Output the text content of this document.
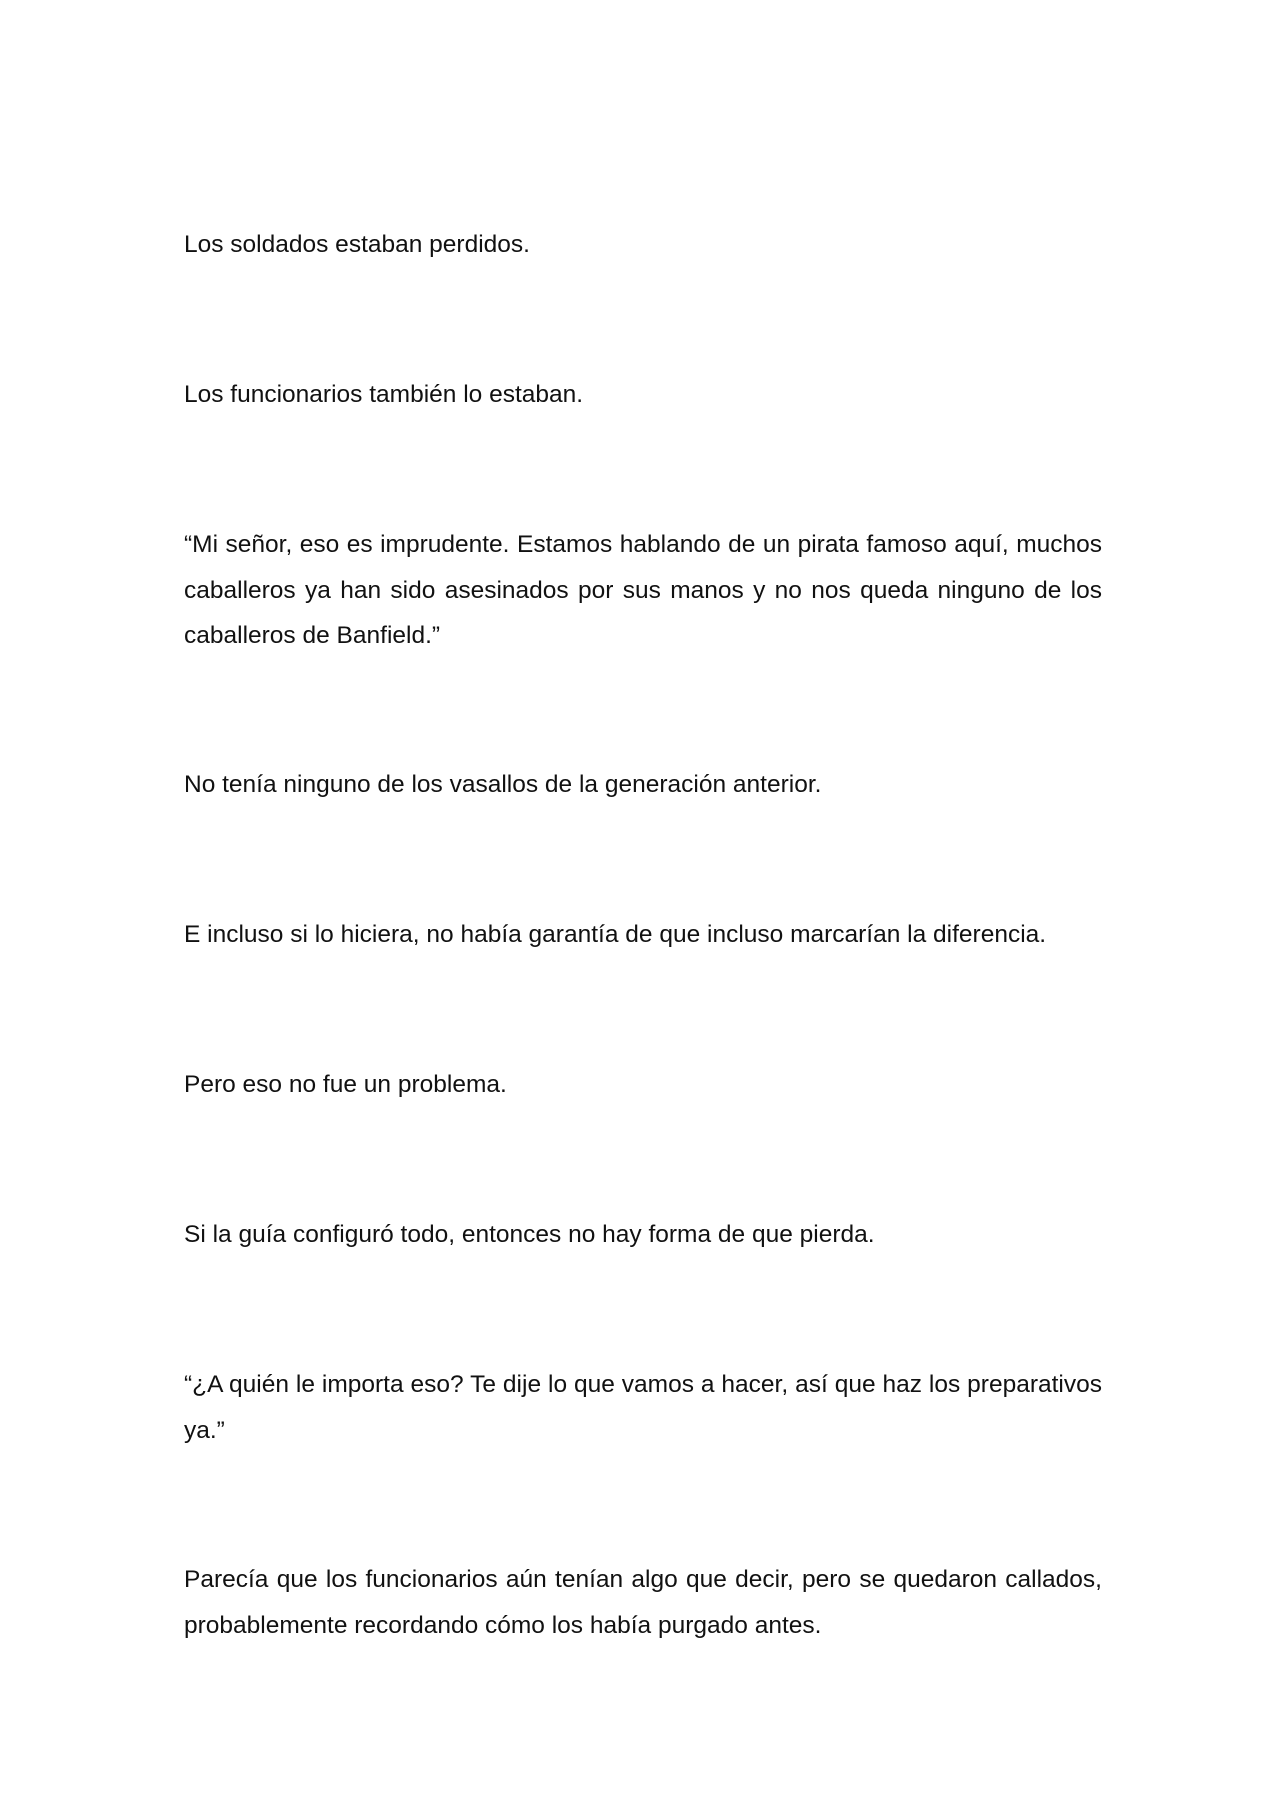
Los soldados estaban perdidos.

Los funcionarios también lo estaban.

“Mi señor, eso es imprudente. Estamos hablando de un pirata famoso aquí, muchos caballeros ya han sido asesinados por sus manos y no nos queda ninguno de los caballeros de Banfield.”

No tenía ninguno de los vasallos de la generación anterior.

E incluso si lo hiciera, no había garantía de que incluso marcarían la diferencia.

Pero eso no fue un problema.

Si la guía configuró todo, entonces no hay forma de que pierda.

“¿A quién le importa eso? Te dije lo que vamos a hacer, así que haz los preparativos ya.”

Parecía que los funcionarios aún tenían algo que decir, pero se quedaron callados, probablemente recordando cómo los había purgado antes.
